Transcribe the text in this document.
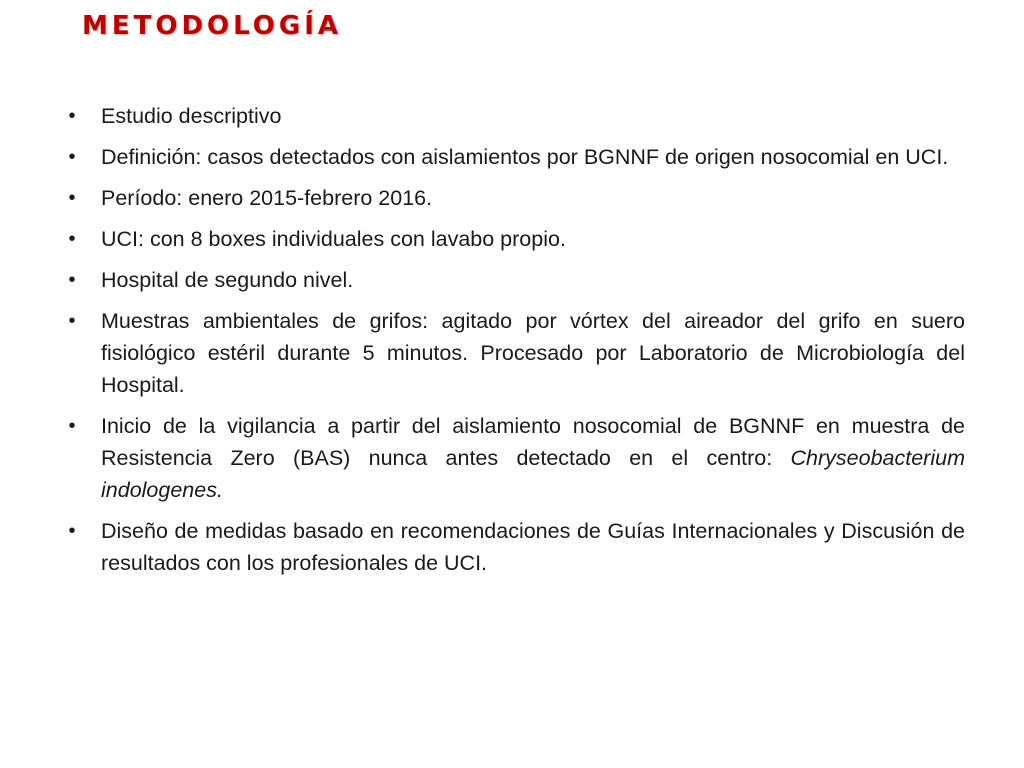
METODOLOGÍA
•	Estudio descriptivo
•	Definición: casos detectados con aislamientos por BGNNF de origen nosocomial en UCI.
•	Período: enero 2015-febrero 2016.
•	UCI: con 8 boxes individuales con lavabo propio.
•	Hospital de segundo nivel.
•	Muestras ambientales de grifos: agitado por vórtex del aireador del grifo en suero fisiológico estéril durante 5 minutos. Procesado por Laboratorio de Microbiología del Hospital.
•	Inicio de la vigilancia a partir del aislamiento nosocomial de BGNNF en muestra de Resistencia Zero (BAS) nunca antes detectado en el centro: Chryseobacterium indologenes.
•	Diseño de medidas basado en recomendaciones de Guías Internacionales y Discusión de resultados con los profesionales de UCI.
